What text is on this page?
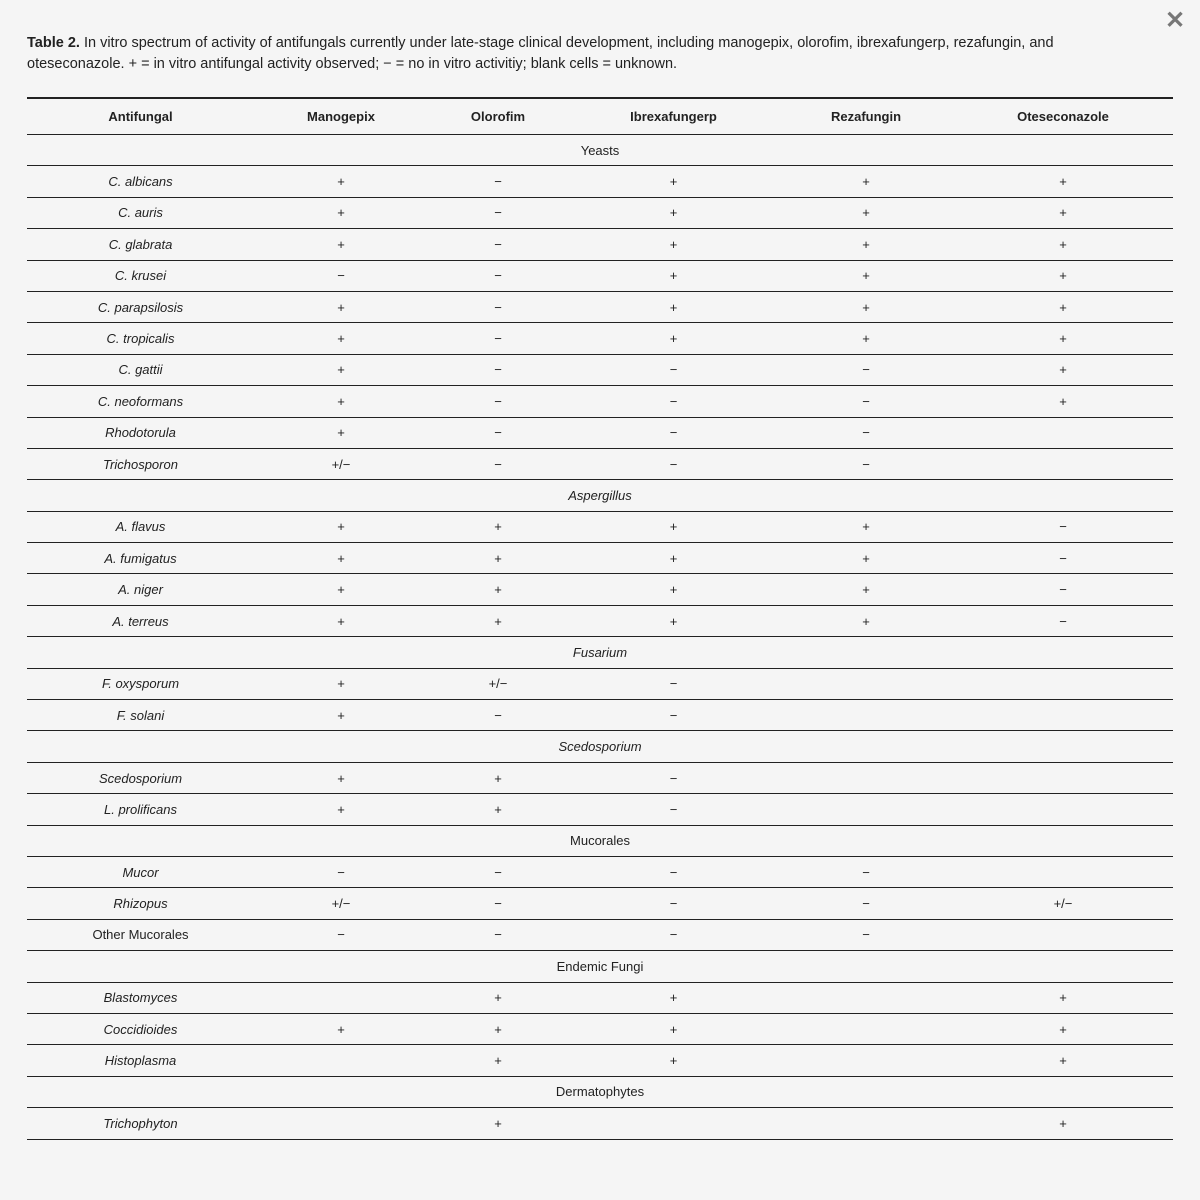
✕
Table 2. In vitro spectrum of activity of antifungals currently under late-stage clinical development, including manogepix, olorofim, ibrexafungerp, rezafungin, and oteseconazole. + = in vitro antifungal activity observed; − = no in vitro activitiy; blank cells = unknown.
Antifungal	Manogepix	Olorofim	Ibrexafungerp	Rezafungin	Oteseconazole
Yeasts					
C. albicans	+	−	+	+	+
C. auris	+	−	+	+	+
C. glabrata	+	−	+	+	+
C. krusei	−	−	+	+	+
C. parapsilosis	+	−	+	+	+
C. tropicalis	+	−	+	+	+
C. gattii	+	−	−	−	+
C. neoformans	+	−	−	−	+
Rhodotorula	+	−	−	−	
Trichosporon	+/−	−	−	−	
Aspergillus					
A. flavus	+	+	+	+	−
A. fumigatus	+	+	+	+	−
A. niger	+	+	+	+	−
A. terreus	+	+	+	+	−
Fusarium					
F. oxysporum	+	+/−	−		
F. solani	+	−	−		
Scedosporium					
Scedosporium	+	+	−		
L. prolificans	+	+	−		
Mucorales					
Mucor	−	−	−	−	
Rhizopus	+/−	−	−	−	+/−
Other Mucorales	−	−	−	−	
Endemic Fungi					
Blastomyces		+	+		+
Coccidioides	+	+	+		+
Histoplasma		+	+		+
Dermatophytes					
Trichophyton		+			+
